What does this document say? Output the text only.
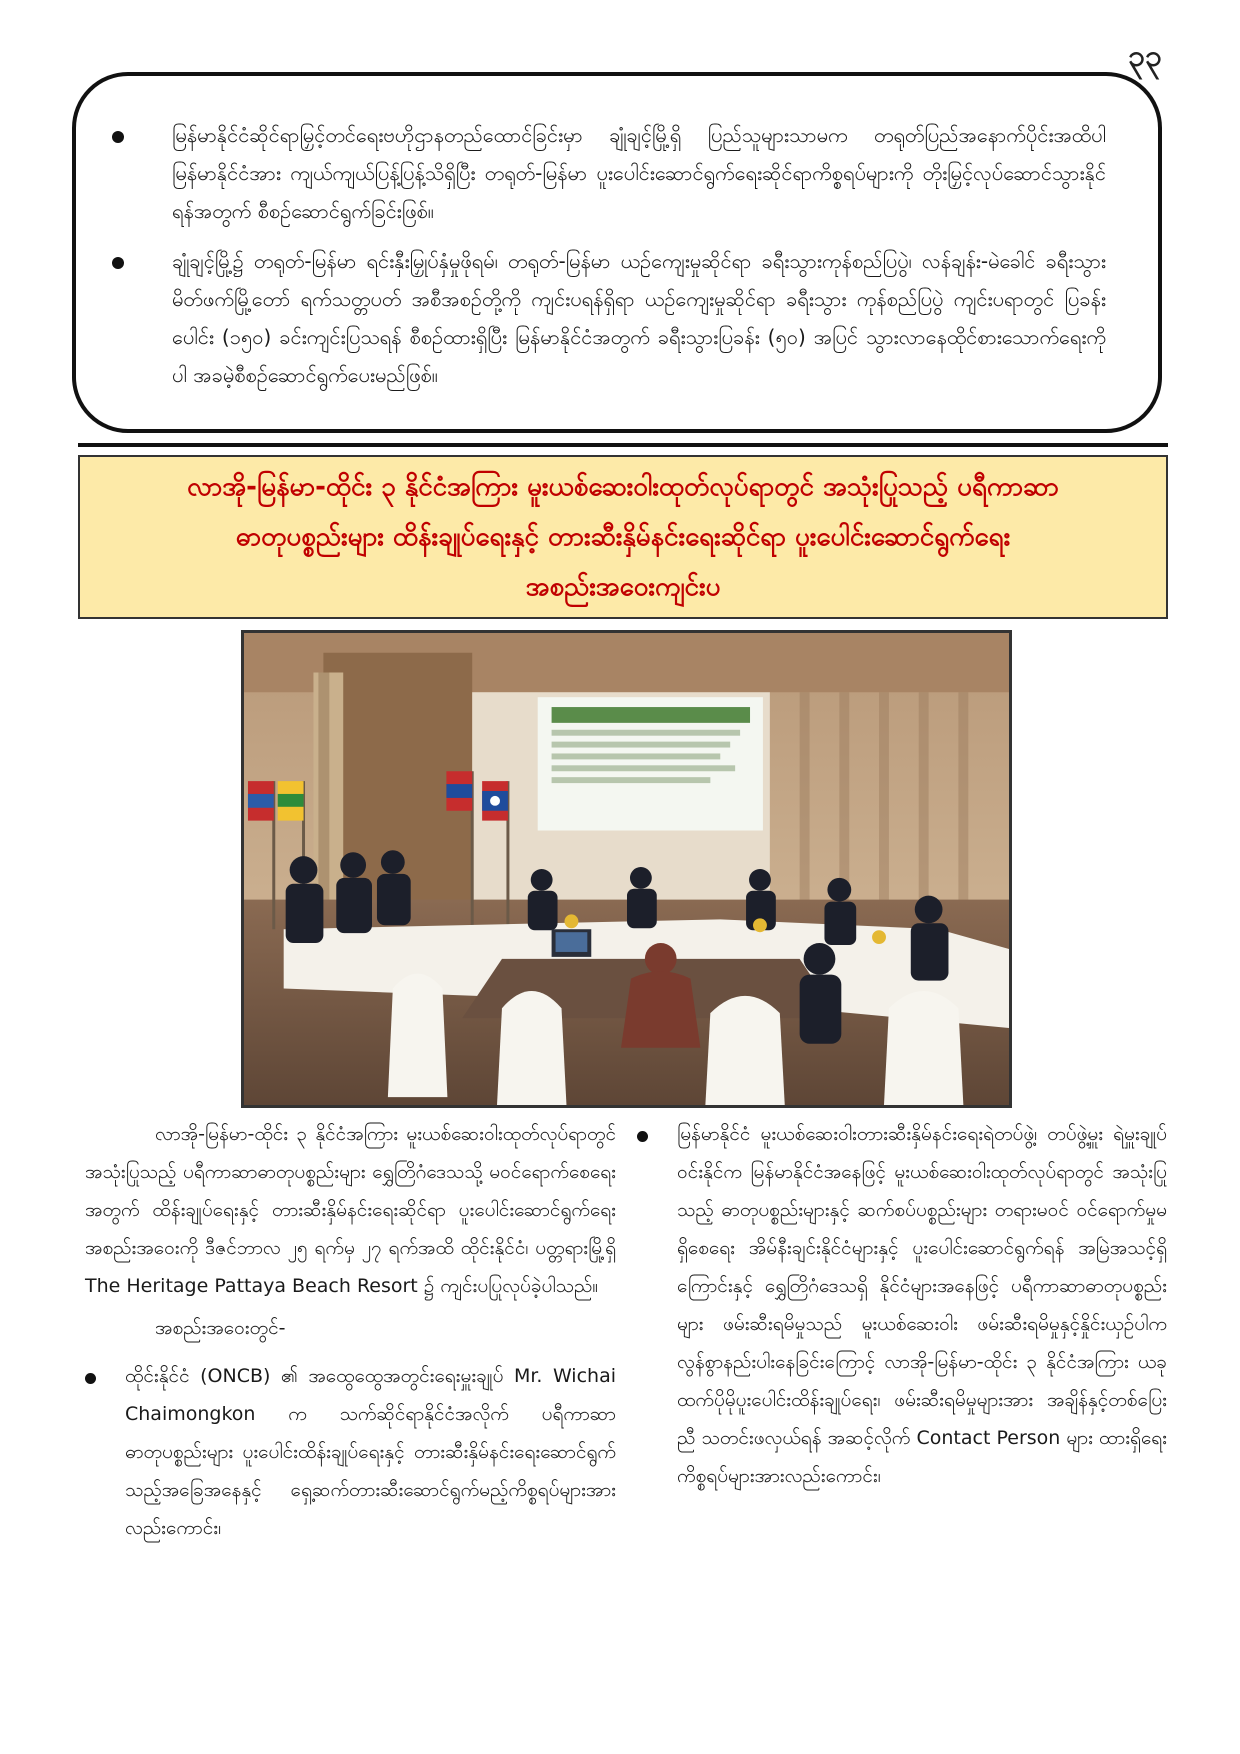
၃၃
မြန်မာနိုင်ငံဆိုင်ရာမြှင့်တင်ရေးဗဟိုဌာနတည်ထောင်ခြင်းမှာ ချုံချင့်မြို့ရှိ ပြည်သူများသာမက တရုတ်ပြည်အနောက်ပိုင်းအထိပါ မြန်မာနိုင်ငံအား ကျယ်ကျယ်ပြန့်ပြန့်သိရှိပြီး တရုတ်-မြန်မာ ပူးပေါင်းဆောင်ရွက်ရေးဆိုင်ရာကိစ္စရပ်များကို တိုးမြှင့်လုပ်ဆောင်သွားနိုင်ရန်အတွက် စီစဉ်ဆောင်ရွက်ခြင်းဖြစ်။
ချုံချင့်မြို့၌ တရုတ်-မြန်မာ ရင်းနှီးမြှုပ်နှံမှုဖိုရမ်၊ တရုတ်-မြန်မာ ယဉ်ကျေးမှုဆိုင်ရာ ခရီးသွားကုန်စည်ပြပွဲ၊ လန်ချန်း-မဲခေါင် ခရီးသွားမိတ်ဖက်မြို့တော် ရက်သတ္တပတ် အစီအစဉ်တို့ကို ကျင်းပရန်ရှိရာ ယဉ်ကျေးမှုဆိုင်ရာ ခရီးသွား ကုန်စည်ပြပွဲ ကျင်းပရာတွင် ပြခန်းပေါင်း (၁၅၀) ခင်းကျင်းပြသရန် စီစဉ်ထားရှိပြီး မြန်မာနိုင်ငံအတွက် ခရီးသွားပြခန်း (၅၀) အပြင် သွားလာနေထိုင်စားသောက်ရေးကိုပါ အခမဲ့စီစဉ်ဆောင်ရွက်ပေးမည်ဖြစ်။
လာအို-မြန်မာ-ထိုင်း ၃ နိုင်ငံအကြား မူးယစ်ဆေးဝါးထုတ်လုပ်ရာတွင် အသုံးပြုသည့် ပရီကာဆာ
ဓာတုပစ္စည်းများ ထိန်းချုပ်ရေးနှင့် တားဆီးနှိမ်နင်းရေးဆိုင်ရာ ပူးပေါင်းဆောင်ရွက်ရေး
အစည်းအဝေးကျင်းပ

လာအို-မြန်မာ-ထိုင်း ၃ နိုင်ငံအကြား မူးယစ်ဆေးဝါးထုတ်လုပ်ရာတွင် အသုံးပြုသည့် ပရီကာဆာဓာတုပစ္စည်းများ ရွှေတြိဂံဒေသသို့ မဝင်ရောက်စေရေးအတွက် ထိန်းချုပ်ရေးနှင့် တားဆီးနှိမ်နင်းရေးဆိုင်ရာ ပူးပေါင်းဆောင်ရွက်ရေးအစည်းအဝေးကို ဒီဇင်ဘာလ ၂၅ ရက်မှ ၂၇ ရက်အထိ ထိုင်းနိုင်ငံ၊ ပတ္တရားမြို့ရှိ The Heritage Pattaya Beach Resort ၌ ကျင်းပပြုလုပ်ခဲ့ပါသည်။

အစည်းအဝေးတွင်-

ထိုင်းနိုင်ငံ (ONCB) ၏ အထွေထွေအတွင်းရေးမှူးချုပ် Mr. Wichai Chaimongkon က သက်ဆိုင်ရာနိုင်ငံအလိုက် ပရီကာဆာဓာတုပစ္စည်းများ ပူးပေါင်းထိန်းချုပ်ရေးနှင့် တားဆီးနှိမ်နင်းရေးဆောင်ရွက်သည့်အခြေအနေနှင့် ရှေ့ဆက်တားဆီးဆောင်ရွက်မည့်ကိစ္စရပ်များအားလည်းကောင်း၊
မြန်မာနိုင်ငံ မူးယစ်ဆေးဝါးတားဆီးနှိမ်နင်းရေးရဲတပ်ဖွဲ့၊ တပ်ဖွဲ့မှူး ရဲမှူးချုပ်ဝင်းနိုင်က မြန်မာနိုင်ငံအနေဖြင့် မူးယစ်ဆေးဝါးထုတ်လုပ်ရာတွင် အသုံးပြုသည့် ဓာတုပစ္စည်းများနှင့် ဆက်စပ်ပစ္စည်းများ တရားမဝင် ဝင်ရောက်မှုမရှိစေရေး အိမ်နီးချင်းနိုင်ငံများနှင့် ပူးပေါင်းဆောင်ရွက်ရန် အမြဲအသင့်ရှိကြောင်းနှင့် ရွှေတြိဂံဒေသရှိ နိုင်ငံများအနေဖြင့် ပရီကာဆာဓာတုပစ္စည်းများ ဖမ်းဆီးရမိမှုသည် မူးယစ်ဆေးဝါး ဖမ်းဆီးရမိမှုနှင့်နှိုင်းယှဉ်ပါက လွန်စွာနည်းပါးနေခြင်းကြောင့် လာအို-မြန်မာ-ထိုင်း ၃ နိုင်ငံအကြား ယခုထက်ပိုမိုပူးပေါင်းထိန်းချုပ်ရေး၊ ဖမ်းဆီးရမိမှုများအား အချိန်နှင့်တစ်ပြေးညီ သတင်းဖလှယ်ရန် အဆင့်လိုက် Contact Person များ ထားရှိရေးကိစ္စရပ်များအားလည်းကောင်း၊
